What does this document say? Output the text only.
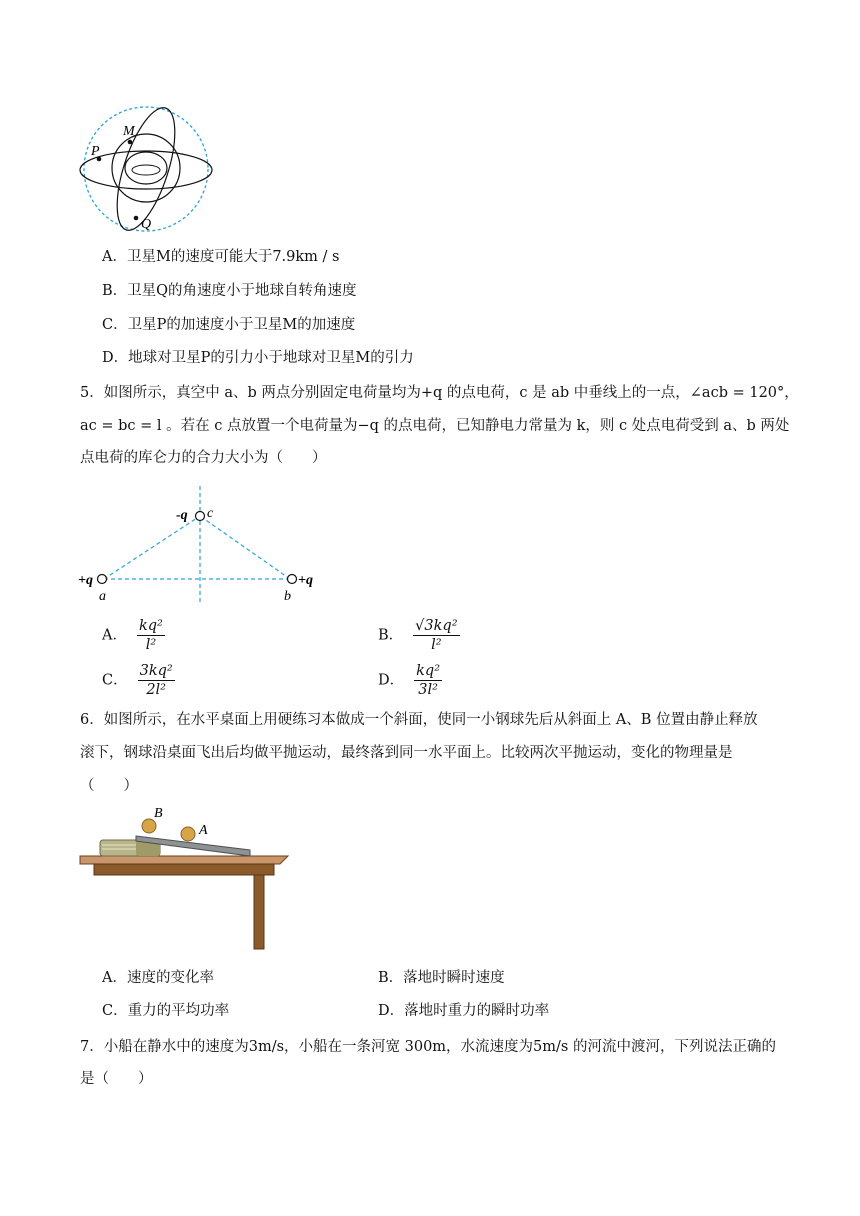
M
P
Q
A．卫星M的速度可能大于7.9km / s
B．卫星Q的角速度小于地球自转角速度
C．卫星P的加速度小于卫星M的加速度
D．地球对卫星P的引力小于地球对卫星M的引力
5．如图所示，真空中 a、b 两点分别固定电荷量均为+q 的点电荷，c 是 ab 中垂线上的一点，∠acb = 120°，
ac = bc = l 。若在 c 点放置一个电荷量为−q 的点电荷，已知静电力常量为 k，则 c 处点电荷受到 a、b 两处
点电荷的库仑力的合力大小为（　　）
-q c
+q
a
+q
b
A． $\frac{\text{kq²}}{\text{l²}}$	B． $\frac{\text{√3kq²}}{\text{l²}}$
C． $\frac{\text{3kq²}}{\text{2l²}}$	D． $\frac{\text{kq²}}{\text{3l²}}$
6．如图所示，在水平桌面上用硬练习本做成一个斜面，使同一小钢球先后从斜面上 A、B 位置由静止释放
滚下，钢球沿桌面飞出后均做平抛运动，最终落到同一水平面上。比较两次平抛运动，变化的物理量是
（　　）
B
A
A．速度的变化率	B．落地时瞬时速度
C．重力的平均功率	D．落地时重力的瞬时功率
7．小船在静水中的速度为3m/s，小船在一条河宽 300m，水流速度为5m/s 的河流中渡河，下列说法正确的
是（　　）
